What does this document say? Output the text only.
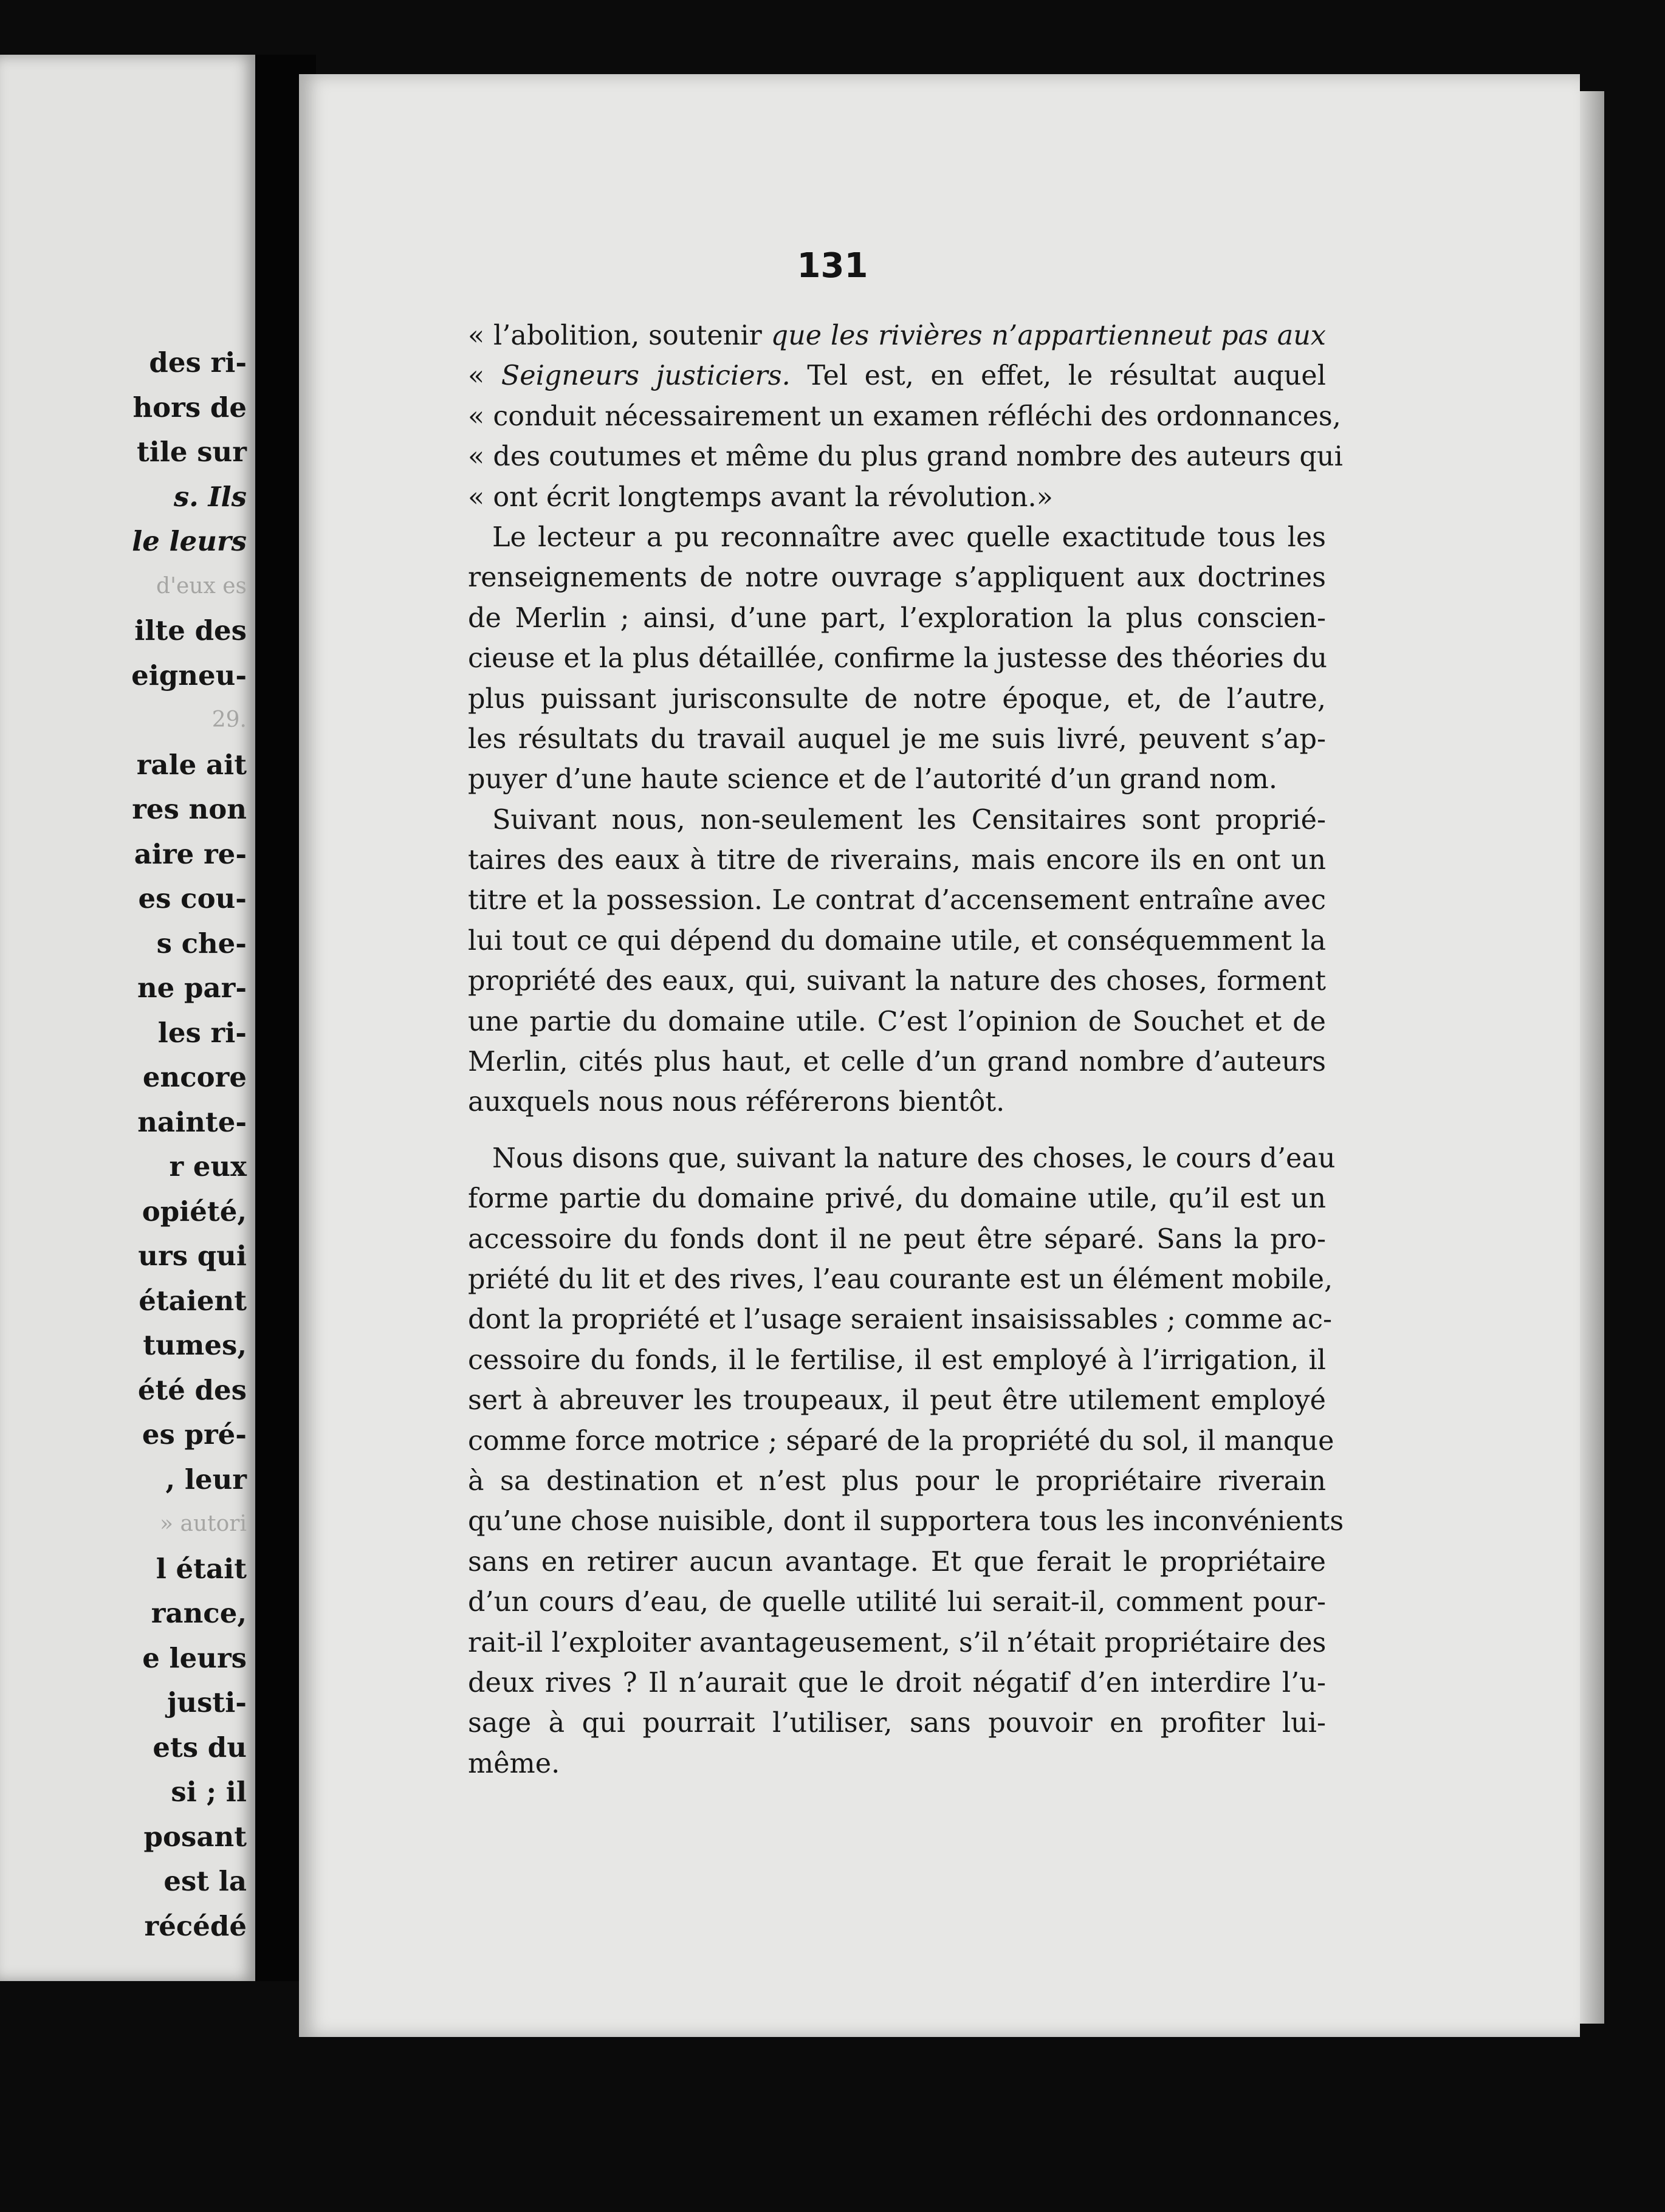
des ri-
hors de
tile sur
s. Ils
le leurs
d'eux es
ilte des
eigneu-
29.
rale ait
res non
aire re-
es cou-
s che-
ne par-
les ri-
encore
nainte-
r eux
opiété,
urs qui
étaient
tumes,
été des
es pré-
, leur
» autori
l était
rance,
e leurs
justi-
ets du
si ; il
posant
est la
récédé
131
« l’abolition, soutenir que les rivières n’appartienneut pas aux
« Seigneurs justiciers. Tel est, en effet, le résultat auquel
« conduit nécessairement un examen réfléchi des ordonnances,
« des coutumes et même du plus grand nombre des auteurs qui
« ont écrit longtemps avant la révolution.»
Le lecteur a pu reconnaître avec quelle exactitude tous les
renseignements de notre ouvrage s’appliquent aux doctrines
de Merlin ; ainsi, d’une part, l’exploration la plus conscien-
cieuse et la plus détaillée, confirme la justesse des théories du
plus puissant jurisconsulte de notre époque, et, de l’autre,
les résultats du travail auquel je me suis livré, peuvent s’ap-
puyer d’une haute science et de l’autorité d’un grand nom.
Suivant nous, non-seulement les Censitaires sont proprié-
taires des eaux à titre de riverains, mais encore ils en ont un
titre et la possession. Le contrat d’accensement entraîne avec
lui tout ce qui dépend du domaine utile, et conséquemment la
propriété des eaux, qui, suivant la nature des choses, forment
une partie du domaine utile. C’est l’opinion de Souchet et de
Merlin, cités plus haut, et celle d’un grand nombre d’auteurs
auxquels nous nous référerons bientôt.
Nous disons que, suivant la nature des choses, le cours d’eau
forme partie du domaine privé, du domaine utile, qu’il est un
accessoire du fonds dont il ne peut être séparé. Sans la pro-
priété du lit et des rives, l’eau courante est un élément mobile,
dont la propriété et l’usage seraient insaisissables ; comme ac-
cessoire du fonds, il le fertilise, il est employé à l’irrigation, il
sert à abreuver les troupeaux, il peut être utilement employé
comme force motrice ; séparé de la propriété du sol, il manque
à sa destination et n’est plus pour le propriétaire riverain
qu’une chose nuisible, dont il supportera tous les inconvénients
sans en retirer aucun avantage. Et que ferait le propriétaire
d’un cours d’eau, de quelle utilité lui serait-il, comment pour-
rait-il l’exploiter avantageusement, s’il n’était propriétaire des
deux rives ? Il n’aurait que le droit négatif d’en interdire l’u-
sage à qui pourrait l’utiliser, sans pouvoir en profiter lui-
même.
